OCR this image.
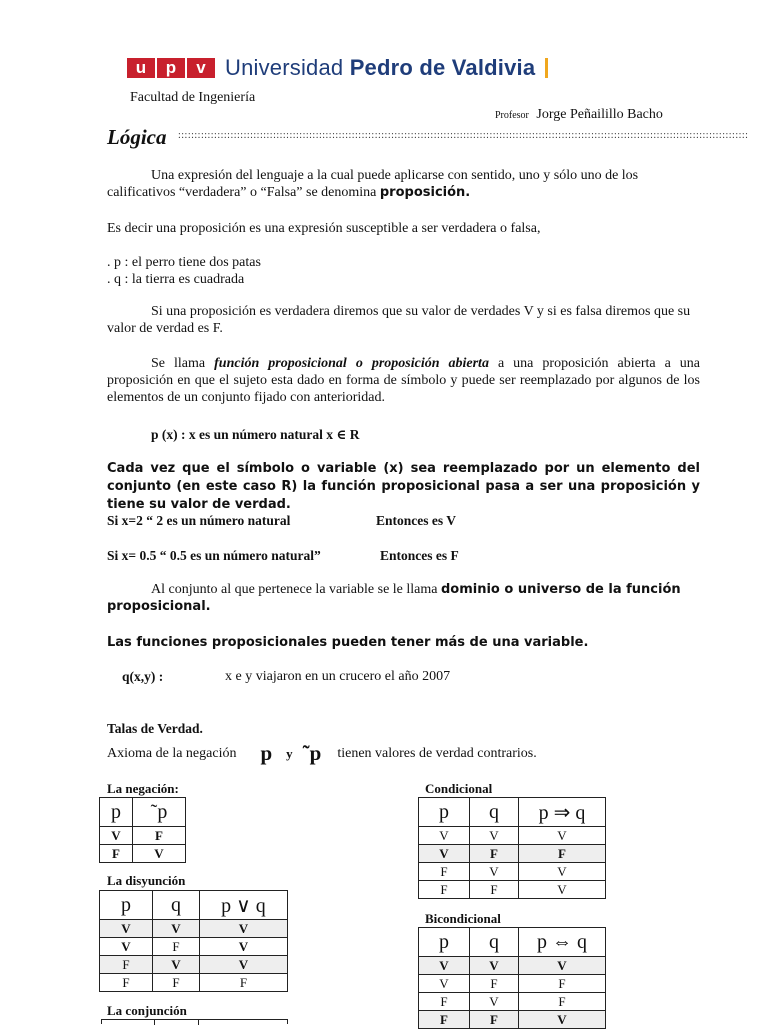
u	p	v Universidad Pedro de Valdivia
Facultad de Ingeniería
Profesor Jorge Peñailillo Bacho
Lógica ::::::::::::::::::::::::::::::::::::::::::::::::::::::::::::::::::::::::::::::::::::::::::::::::::::::::::::::::::::::::::::::::::::::::::::::::::::::::::::::::::::::::::::::
Una expresión del lenguaje a la cual puede aplicarse con sentido, uno y sólo uno de los calificativos “verdadera” o “Falsa” se denomina proposición.
Es decir una proposición es una expresión susceptible a ser verdadera o falsa,
. p : el perro tiene dos patas
. q : la tierra es cuadrada
Si una proposición es verdadera diremos que su valor de verdades V y si es falsa diremos que su valor de verdad es F.
Se llama función proposicional o proposición abierta a una proposición abierta a una proposición en que el sujeto esta dado en forma de símbolo y puede ser reemplazado por algunos de los elementos de un conjunto fijado con anterioridad.
p (x) : x es un número natural x ∈ R
Cada vez que el símbolo o variable (x) sea reemplazado por un elemento del conjunto (en este caso R) la función proposicional pasa a ser una proposición y tiene su valor de verdad.
Si x=2 “ 2 es un número natural	Entonces es V
Si x= 0.5 “ 0.5 es un número natural”	Entonces es F
Al conjunto al que pertenece la variable se le llama dominio o universo de la función proposicional.
Las funciones proposicionales pueden tener más de una variable.
q(x,y) :	x e y viajaron en un crucero el año 2007
Talas de Verdad.
Axioma de la negación p y ˜p tienen valores de verdad contrarios.
La negación:
p	˜p
V	F
F	V
La disyunción
p	q	p ∨ q
V	V	V
V	F	V
F	V	V
F	F	F
La conjunción
Condicional
p	q	p ⇒ q
V	V	V
V	F	F
F	V	V
F	F	V
Bicondicional
p	q	p ⇔ q
V	V	V
V	F	F
F	V	F
F	F	V
